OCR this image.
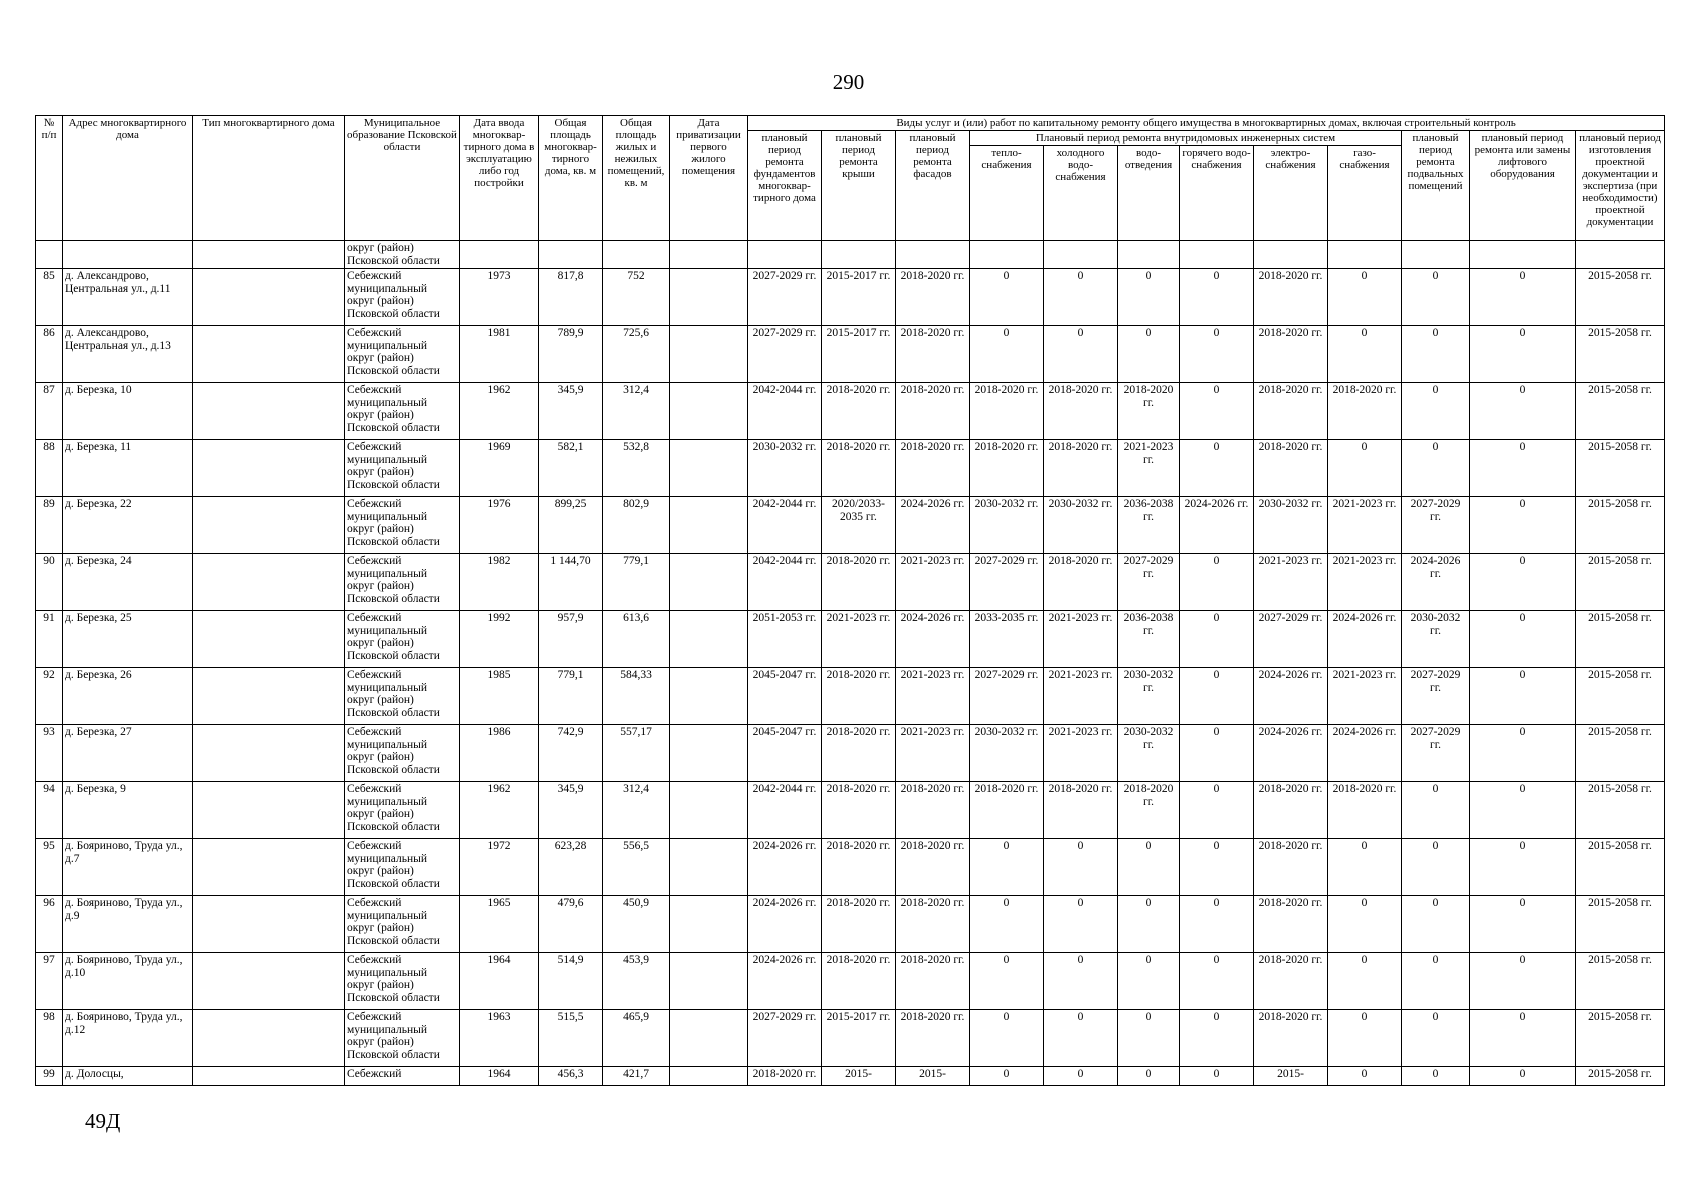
290
№ п/п	Адрес многоквартирного дома	Тип многоквартирного дома	Муниципальное образование Псковской области	Дата ввода многоквар-тирного дома в эксплуатацию либо год постройки	Общая площадь многоквар-тирного дома, кв. м	Общая площадь жилых и нежилых помещений, кв. м	Дата приватизации первого жилого помещения	Виды услуг и (или) работ по капитальному ремонту общего имущества в многоквартирных домах, включая строительный контроль											
								плановый период ремонта фундаментов многоквар-тирного дома	плановый период ремонта крыши	плановый период ремонта фасадов	Плановый период ремонта внутридомовых инженерных систем						плановый период ремонта подвальных помещений	плановый период ремонта или замены лифтового оборудования	плановый период изготовления проектной документации и экспертиза (при необходимости) проектной документации
											тепло-снабжения	холодного водо-снабжения	водо-отведения	горячего водо-снабжения	электро-снабжения	газо-снабжения			
			округ (район) Псковской области																
85	д. Александрово, Центральная ул., д.11		Себежский муниципальный округ (район) Псковской области	1973	817,8	752		2027-2029 гг.	2015-2017 гг.	2018-2020 гг.	0	0	0	0	2018-2020 гг.	0	0	0	2015-2058 гг.
86	д. Александрово, Центральная ул., д.13		Себежский муниципальный округ (район) Псковской области	1981	789,9	725,6		2027-2029 гг.	2015-2017 гг.	2018-2020 гг.	0	0	0	0	2018-2020 гг.	0	0	0	2015-2058 гг.
87	д. Березка, 10		Себежский муниципальный округ (район) Псковской области	1962	345,9	312,4		2042-2044 гг.	2018-2020 гг.	2018-2020 гг.	2018-2020 гг.	2018-2020 гг.	2018-2020 гг.	0	2018-2020 гг.	2018-2020 гг.	0	0	2015-2058 гг.
88	д. Березка, 11		Себежский муниципальный округ (район) Псковской области	1969	582,1	532,8		2030-2032 гг.	2018-2020 гг.	2018-2020 гг.	2018-2020 гг.	2018-2020 гг.	2021-2023 гг.	0	2018-2020 гг.	0	0	0	2015-2058 гг.
89	д. Березка, 22		Себежский муниципальный округ (район) Псковской области	1976	899,25	802,9		2042-2044 гг.	2020/2033-2035 гг.	2024-2026 гг.	2030-2032 гг.	2030-2032 гг.	2036-2038 гг.	2024-2026 гг.	2030-2032 гг.	2021-2023 гг.	2027-2029 гг.	0	2015-2058 гг.
90	д. Березка, 24		Себежский муниципальный округ (район) Псковской области	1982	1 144,70	779,1		2042-2044 гг.	2018-2020 гг.	2021-2023 гг.	2027-2029 гг.	2018-2020 гг.	2027-2029 гг.	0	2021-2023 гг.	2021-2023 гг.	2024-2026 гг.	0	2015-2058 гг.
91	д. Березка, 25		Себежский муниципальный округ (район) Псковской области	1992	957,9	613,6		2051-2053 гг.	2021-2023 гг.	2024-2026 гг.	2033-2035 гг.	2021-2023 гг.	2036-2038 гг.	0	2027-2029 гг.	2024-2026 гг.	2030-2032 гг.	0	2015-2058 гг.
92	д. Березка, 26		Себежский муниципальный округ (район) Псковской области	1985	779,1	584,33		2045-2047 гг.	2018-2020 гг.	2021-2023 гг.	2027-2029 гг.	2021-2023 гг.	2030-2032 гг.	0	2024-2026 гг.	2021-2023 гг.	2027-2029 гг.	0	2015-2058 гг.
93	д. Березка, 27		Себежский муниципальный округ (район) Псковской области	1986	742,9	557,17		2045-2047 гг.	2018-2020 гг.	2021-2023 гг.	2030-2032 гг.	2021-2023 гг.	2030-2032 гг.	0	2024-2026 гг.	2024-2026 гг.	2027-2029 гг.	0	2015-2058 гг.
94	д. Березка, 9		Себежский муниципальный округ (район) Псковской области	1962	345,9	312,4		2042-2044 гг.	2018-2020 гг.	2018-2020 гг.	2018-2020 гг.	2018-2020 гг.	2018-2020 гг.	0	2018-2020 гг.	2018-2020 гг.	0	0	2015-2058 гг.
95	д. Бояриново, Труда ул., д.7		Себежский муниципальный округ (район) Псковской области	1972	623,28	556,5		2024-2026 гг.	2018-2020 гг.	2018-2020 гг.	0	0	0	0	2018-2020 гг.	0	0	0	2015-2058 гг.
96	д. Бояриново, Труда ул., д.9		Себежский муниципальный округ (район) Псковской области	1965	479,6	450,9		2024-2026 гг.	2018-2020 гг.	2018-2020 гг.	0	0	0	0	2018-2020 гг.	0	0	0	2015-2058 гг.
97	д. Бояриново, Труда ул., д.10		Себежский муниципальный округ (район) Псковской области	1964	514,9	453,9		2024-2026 гг.	2018-2020 гг.	2018-2020 гг.	0	0	0	0	2018-2020 гг.	0	0	0	2015-2058 гг.
98	д. Бояриново, Труда ул., д.12		Себежский муниципальный округ (район) Псковской области	1963	515,5	465,9		2027-2029 гг.	2015-2017 гг.	2018-2020 гг.	0	0	0	0	2018-2020 гг.	0	0	0	2015-2058 гг.
99	д. Долосцы,		Себежский	1964	456,3	421,7		2018-2020 гг.	2015-	2015-	0	0	0	0	2015-	0	0	0	2015-2058 гг.
49Д
